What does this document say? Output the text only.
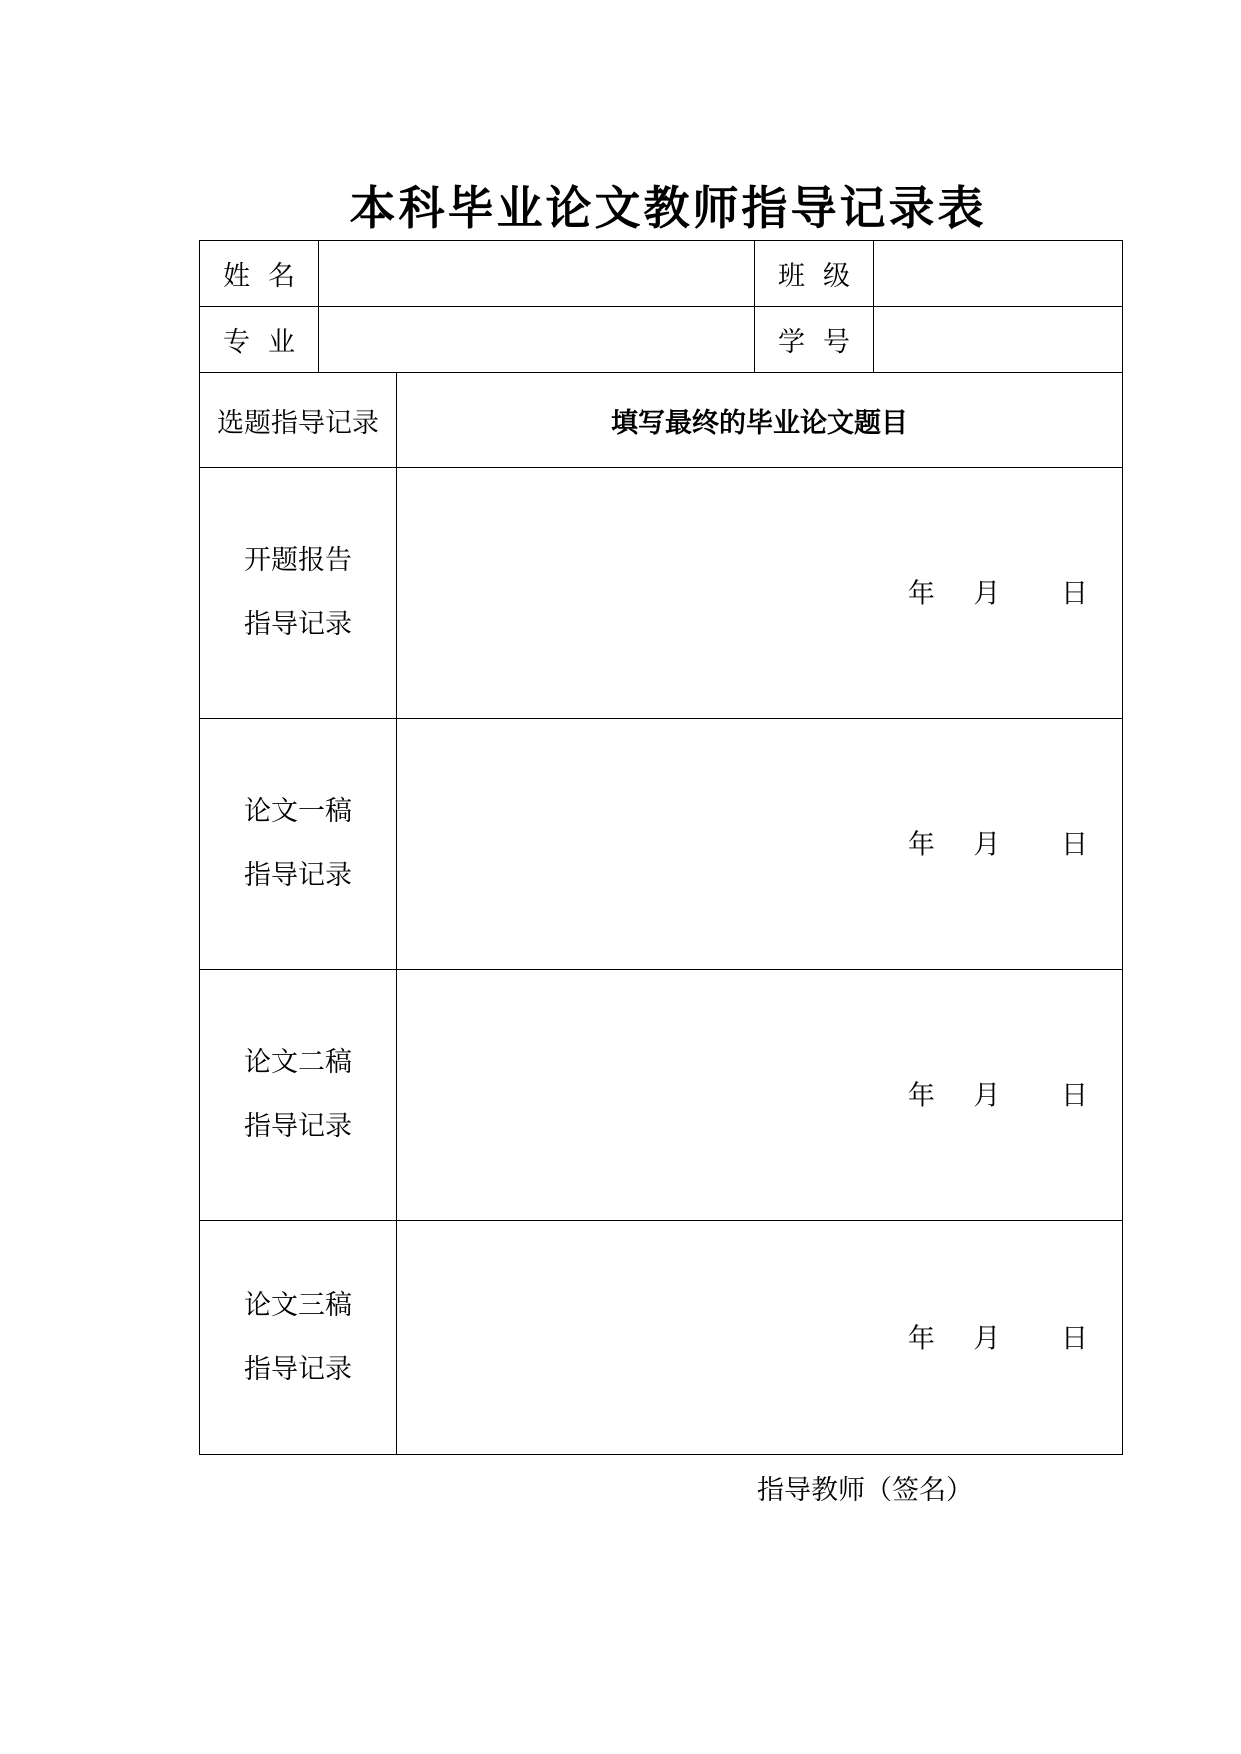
本科毕业论文教师指导记录表
姓名			班级	
专业			学号	
选题指导记录		填写最终的毕业论文题目		

开题报告
指导记录		年 月 日		

论文一稿
指导记录		年 月 日		

论文二稿
指导记录		年 月 日		

论文三稿
指导记录		年 月 日		
指导教师（签名）
